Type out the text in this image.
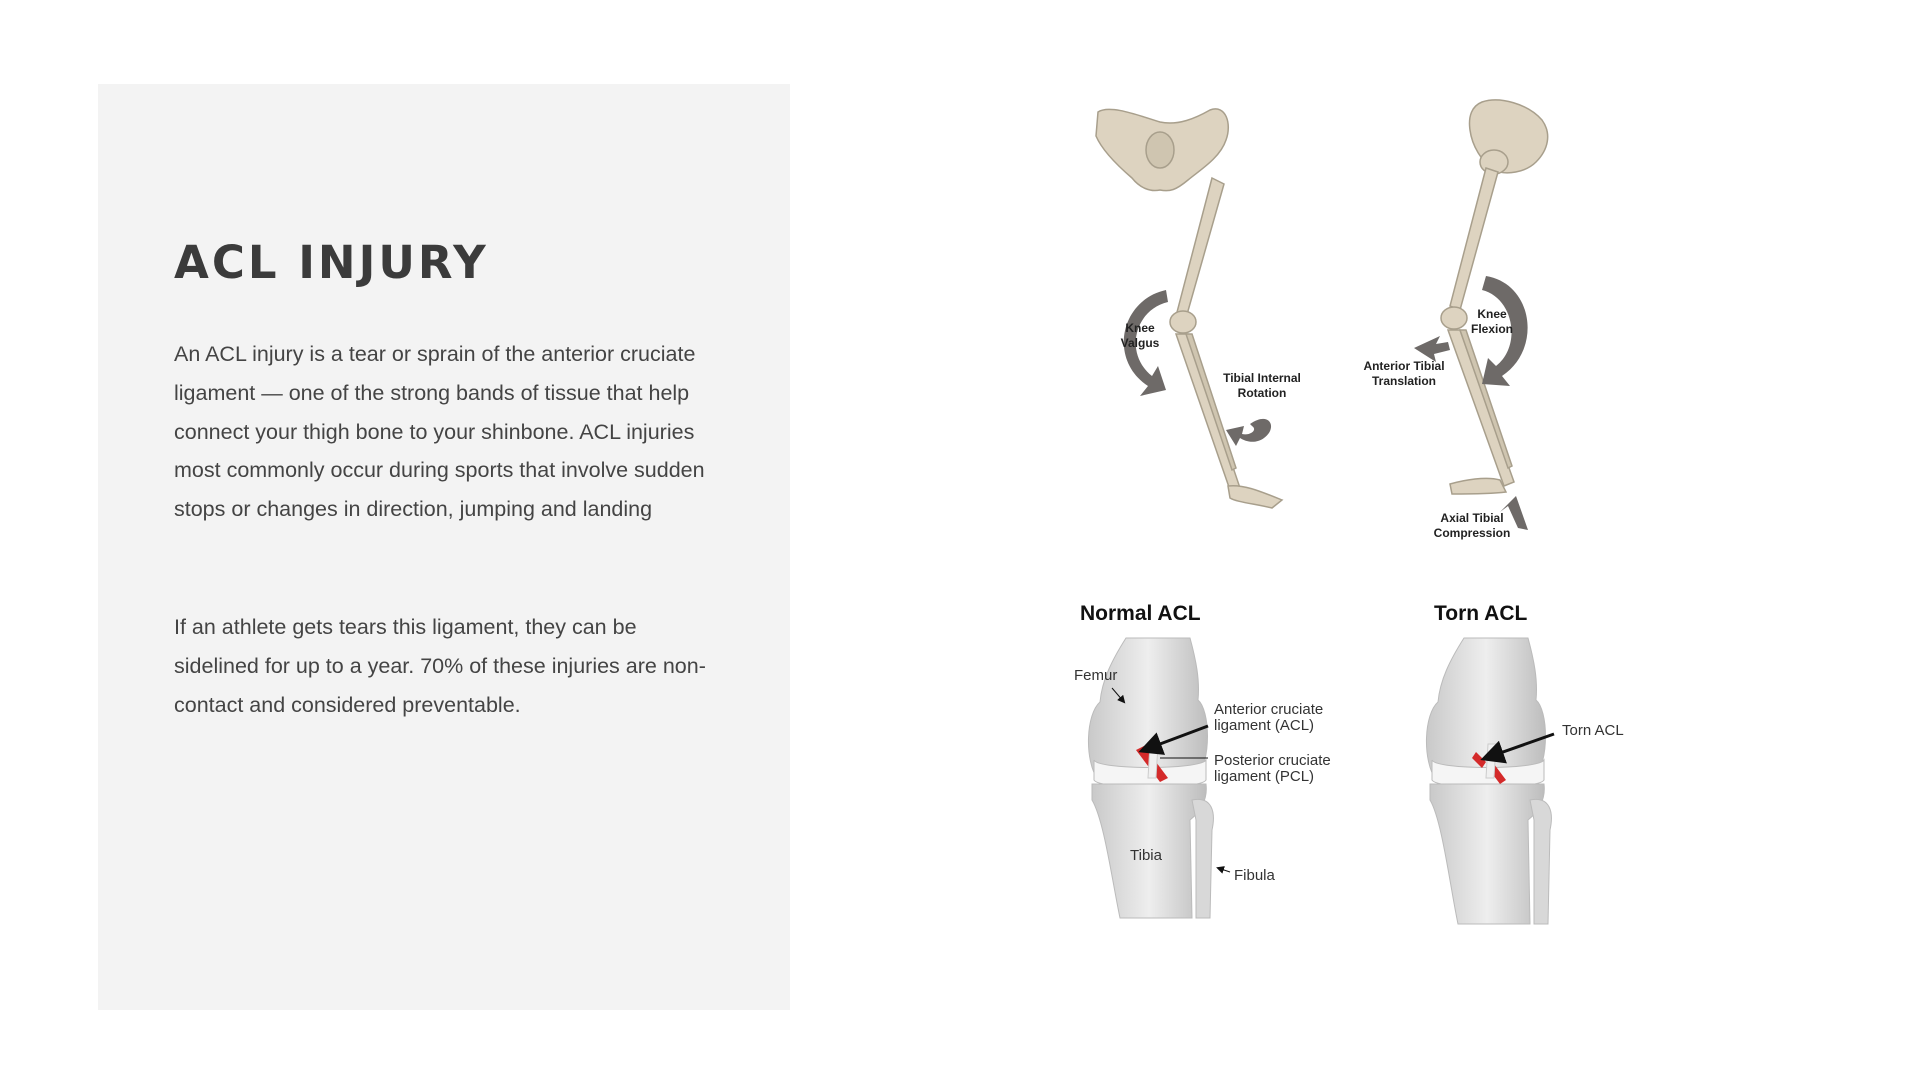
ACL INJURY

An ACL injury is a tear or sprain of the anterior cruciate ligament — one of the strong bands of tissue that help connect your thigh bone to your shinbone. ACL injuries most commonly occur during sports that involve sudden stops or changes in direction, jumping and landing

If an athlete gets tears this ligament, they can be sidelined for up to a year. 70% of these injuries are non-contact and considered preventable.

Knee
Valgus
Tibial Internal
Rotation
Knee
Flexion
Anterior Tibial
Translation
Axial Tibial
Compression
Normal ACL
Femur
Anterior cruciate
ligament (ACL)
Posterior cruciate
ligament (PCL)
Tibia
Fibula
Torn ACL
Torn ACL
